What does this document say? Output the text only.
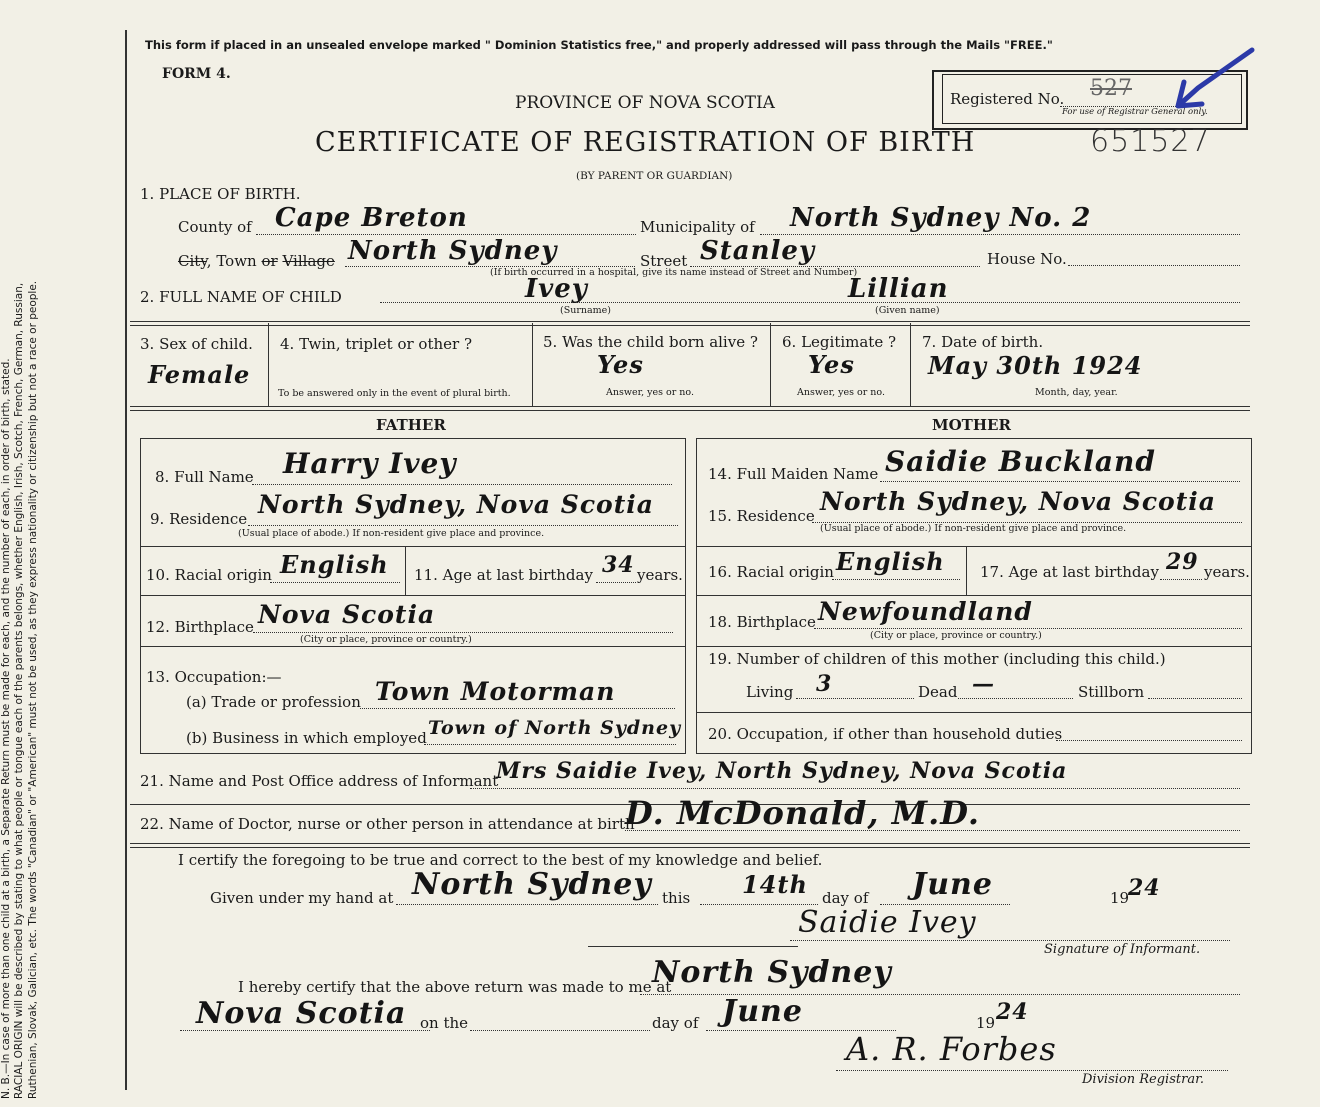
N. B.—In case of more than one child at a birth, a Separate Return must be made for each, and the number of each, in order of birth, stated. RACIAL ORIGIN will be described by stating to what people or tongue each of the parents belongs, whether English, Irish, Scotch, French, German, Russian, Ruthenian, Slovak, Galician, etc. The words "Canadian" or "American" must not be used, as they express nationality or citizenship but not a race or people.
This form if placed in an unsealed envelope marked " Dominion Statistics free," and properly addressed will pass through the Mails "FREE."
FORM 4.
PROVINCE OF NOVA SCOTIA
CERTIFICATE OF REGISTRATION OF BIRTH
(BY PARENT OR GUARDIAN)
Registered No. 527
For use of Registrar General only.
651527
1. PLACE OF BIRTH.
County of Cape Breton	Municipality of North Sydney No. 2
City, Town or Village North Sydney	Street Stanley
(If birth occurred in a hospital, give its name instead of Street and Number)
House No.
2. FULL NAME OF CHILD	Ivey
(Surname)
Lillian
(Given name)
3. Sex of child.
Female
4. Twin, triplet or other ?
To be answered only in the event of plural birth.
5. Was the child born alive ?
Yes
Answer, yes or no.
6. Legitimate ?
Yes
Answer, yes or no.
7. Date of birth.
May 30th 1924
Month, day, year.
FATHER	MOTHER
8. Full Name Harry Ivey
9. Residence North Sydney, Nova Scotia
(Usual place of abode.) If non-resident give place and province.
10. Racial origin English 11. Age at last birthday 34 years.
12. Birthplace Nova Scotia
(City or place, province or country.)
13. Occupation:—
(a) Trade or profession Town Motorman
(b) Business in which employed Town of North Sydney
14. Full Maiden Name Saidie Buckland
15. Residence North Sydney, Nova Scotia
(Usual place of abode.) If non-resident give place and province.
16. Racial origin English 17. Age at last birthday 29 years.
18. Birthplace Newfoundland
(City or place, province or country.)
19. Number of children of this mother (including this child.)
Living 3	Dead —	Stillborn
20. Occupation, if other than household duties
21. Name and Post Office address of Informant
Mrs Saidie Ivey, North Sydney, Nova Scotia
22. Name of Doctor, nurse or other person in attendance at birth
D. McDonald, M.D.
I certify the foregoing to be true and correct to the best of my knowledge and belief.
Given under my hand at North Sydney this 14th day of June	19
24
Saidie Ivey
Signature of Informant.
I hereby certify that the above return was made to me at
North Sydney
Nova Scotia on the	day of June	19 24
A. R. Forbes
Division Registrar.
